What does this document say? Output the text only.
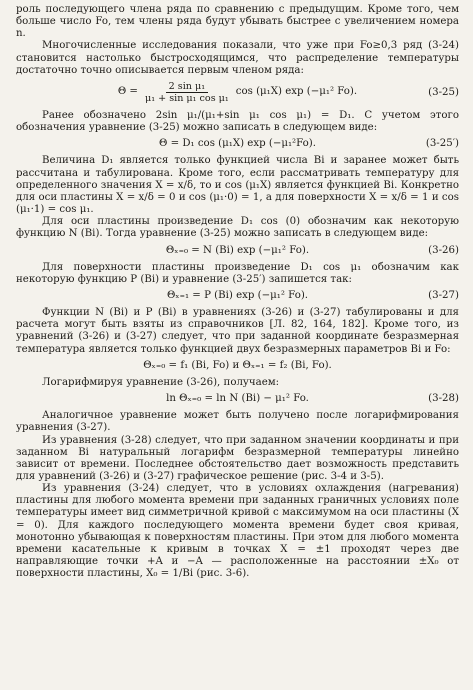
роль последующего члена ряда по сравнению с предыдущим. Кроме того, чем больше число Fo, тем члены ряда будут убывать быстрее с увеличением номера n.

Многочисленные исследования показали, что уже при Fo≥0,3 ряд (3-24) становится настолько быстросходящимся, что распределение температуры достаточно точно описывается первым членом ряда:

$\Theta = \frac{\text{2 sin μ₁}}{\text{μ₁ + sin μ₁ cos μ₁}}$ cos (μ₁X) exp (−μ₁² Fo).	(3-25)

Ранее обозначено 2sin μ₁/(μ₁+sin μ₁ cos μ₁) = D₁. С учетом этого обозначения уравнение (3-25) можно записать в следующем виде:

Θ = D₁ cos (μ₁X) exp (−μ₁²Fo).	(3-25′)

Величина D₁ является только функцией числа Bi и заранее может быть рассчитана и табулирована. Кроме того, если рассматривать температуру для определенного значения X = x/δ, то и cos (μ₁X) является функцией Bi. Конкретно для оси пластины X = x/δ = 0 и cos (μ₁·0) = 1, а для поверхности X = x/δ = 1 и cos (μ₁·1) = cos μ₁.

Для оси пластины произведение D₁ cos (0) обозначим как некоторую функцию N (Bi). Тогда уравнение (3-25) можно записать в следующем виде:

Θₓ₌₀ = N (Bi) exp (−μ₁² Fo).	(3-26)

Для поверхности пластины произведение D₁ cos μ₁ обозначим как некоторую функцию P (Bi) и уравнение (3-25′) запишется так:

Θₓ₌₁ = P (Bi) exp (−μ₁² Fo).	(3-27)

Функции N (Bi) и P (Bi) в уравнениях (3-26) и (3-27) табулированы и для расчета могут быть взяты из справочников [Л. 82, 164, 182]. Кроме того, из уравнений (3-26) и (3-27) следует, что при заданной координате безразмерная температура является только функцией двух безразмерных параметров Bi и Fo:

Θₓ₌₀ = f₁ (Bi, Fo) и Θₓ₌₁ = f₂ (Bi, Fo).

Логарифмируя уравнение (3-26), получаем:

ln Θₓ₌₀ = ln N (Bi) − μ₁² Fo.	(3-28)

Аналогичное уравнение может быть получено после логарифмирования уравнения (3-27).

Из уравнения (3-28) следует, что при заданном значении координаты и при заданном Bi натуральный логарифм безразмерной температуры линейно зависит от времени. Последнее обстоятельство дает возможность представить для уравнений (3-26) и (3-27) графическое решение (рис. 3-4 и 3-5).

Из уравнения (3-24) следует, что в условиях охлаждения (нагревания) пластины для любого момента времени при заданных граничных условиях поле температуры имеет вид симметричной кривой с максимумом на оси пластины (X = 0). Для каждого последующего момента времени будет своя кривая, монотонно убывающая к поверхностям пластины. При этом для любого момента времени касательные к кривым в точках X = ±1 проходят через две направляющие точки +A и −A — расположенные на расстоянии ±X₀ от поверхности пластины, X₀ = 1/Bi (рис. 3-6).
